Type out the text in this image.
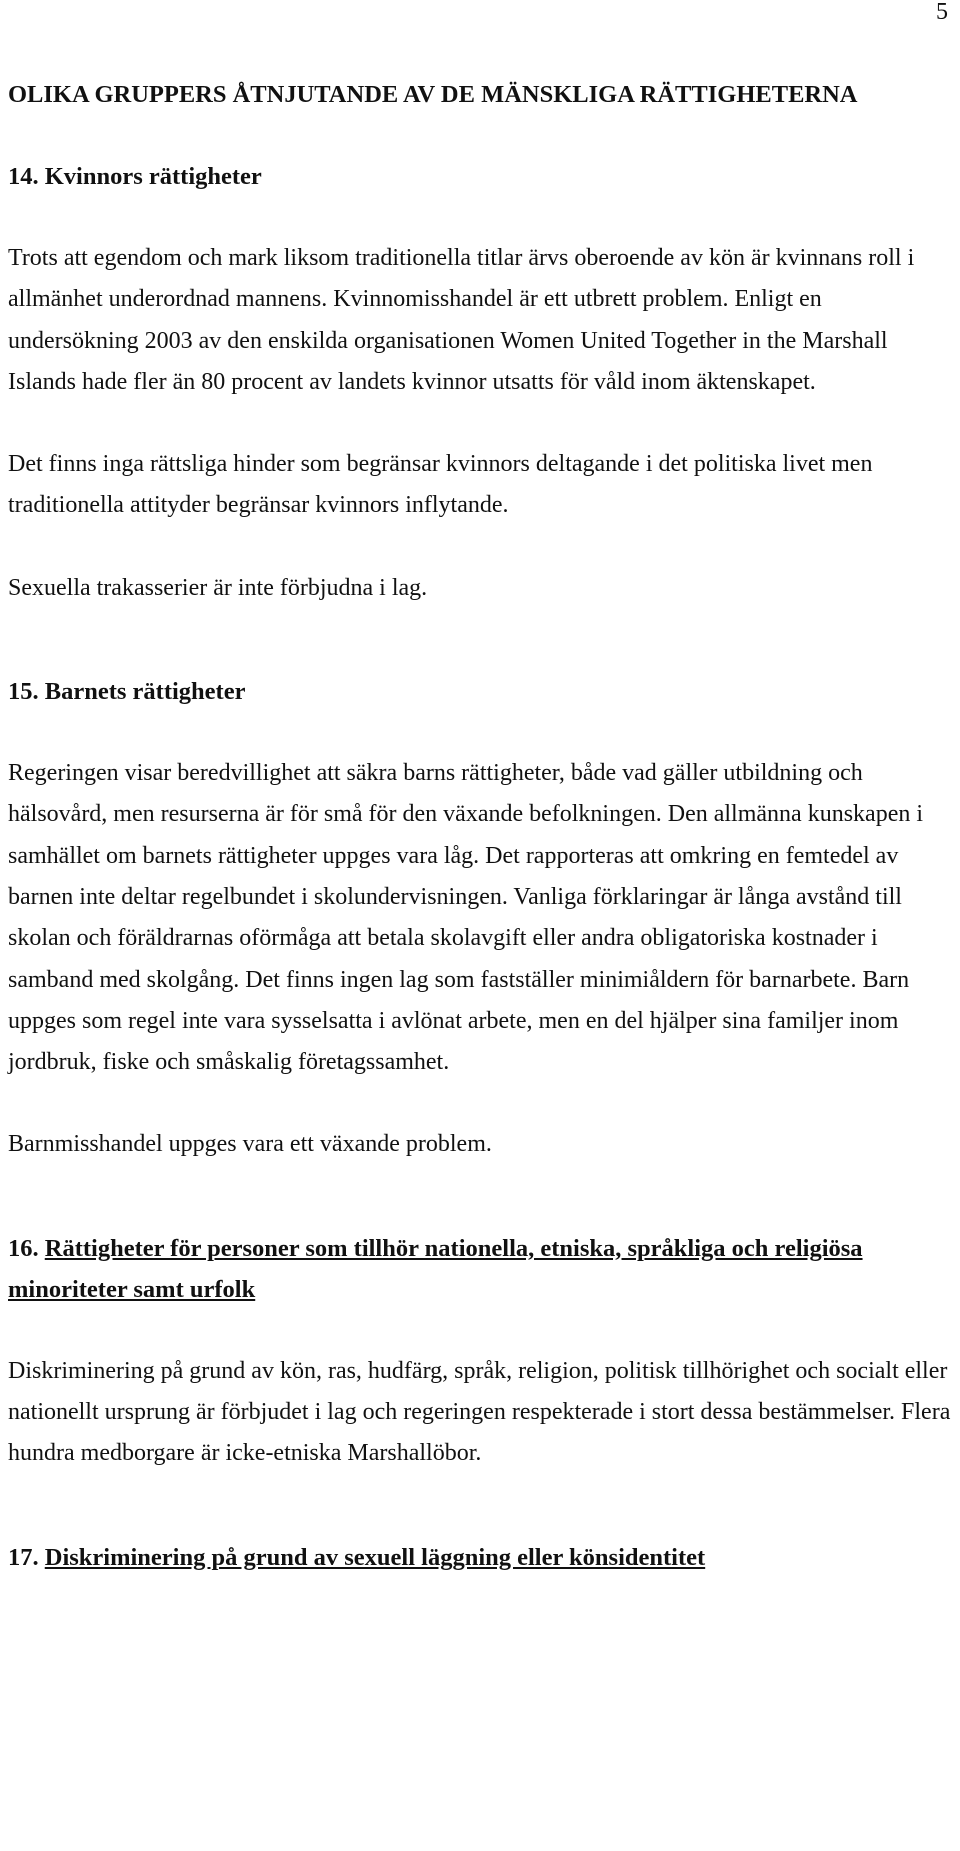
5
OLIKA GRUPPERS ÅTNJUTANDE AV DE MÄNSKLIGA RÄTTIGHETERNA
14. Kvinnors rättigheter

Trots att egendom och mark liksom traditionella titlar ärvs oberoende av kön är kvinnans roll i allmänhet underordnad mannens. Kvinnomisshandel är ett utbrett problem. Enligt en undersökning 2003 av den enskilda organisationen Women United Together in the Marshall Islands hade fler än 80 procent av landets kvinnor utsatts för våld inom äktenskapet.

Det finns inga rättsliga hinder som begränsar kvinnors deltagande i det politiska livet men traditionella attityder begränsar kvinnors inflytande.

Sexuella trakasserier är inte förbjudna i lag.

15. Barnets rättigheter

Regeringen visar beredvillighet att säkra barns rättigheter, både vad gäller utbildning och hälsovård, men resurserna är för små för den växande befolkningen. Den allmänna kunskapen i samhället om barnets rättigheter uppges vara låg. Det rapporteras att omkring en femtedel av barnen inte deltar regelbundet i skolundervisningen. Vanliga förklaringar är långa avstånd till skolan och föräldrarnas oförmåga att betala skolavgift eller andra obligatoriska kostnader i samband med skolgång. Det finns ingen lag som fastställer minimiåldern för barnarbete. Barn uppges som regel inte vara sysselsatta i avlönat arbete, men en del hjälper sina familjer inom jordbruk, fiske och småskalig företagssamhet.

Barnmisshandel uppges vara ett växande problem.

16. Rättigheter för personer som tillhör nationella, etniska, språkliga och religiösa minoriteter samt urfolk

Diskriminering på grund av kön, ras, hudfärg, språk, religion, politisk tillhörighet och socialt eller nationellt ursprung är förbjudet i lag och regeringen respekterade i stort dessa bestämmelser. Flera hundra medborgare är icke-etniska Marshallöbor.

17. Diskriminering på grund av sexuell läggning eller könsidentitet
